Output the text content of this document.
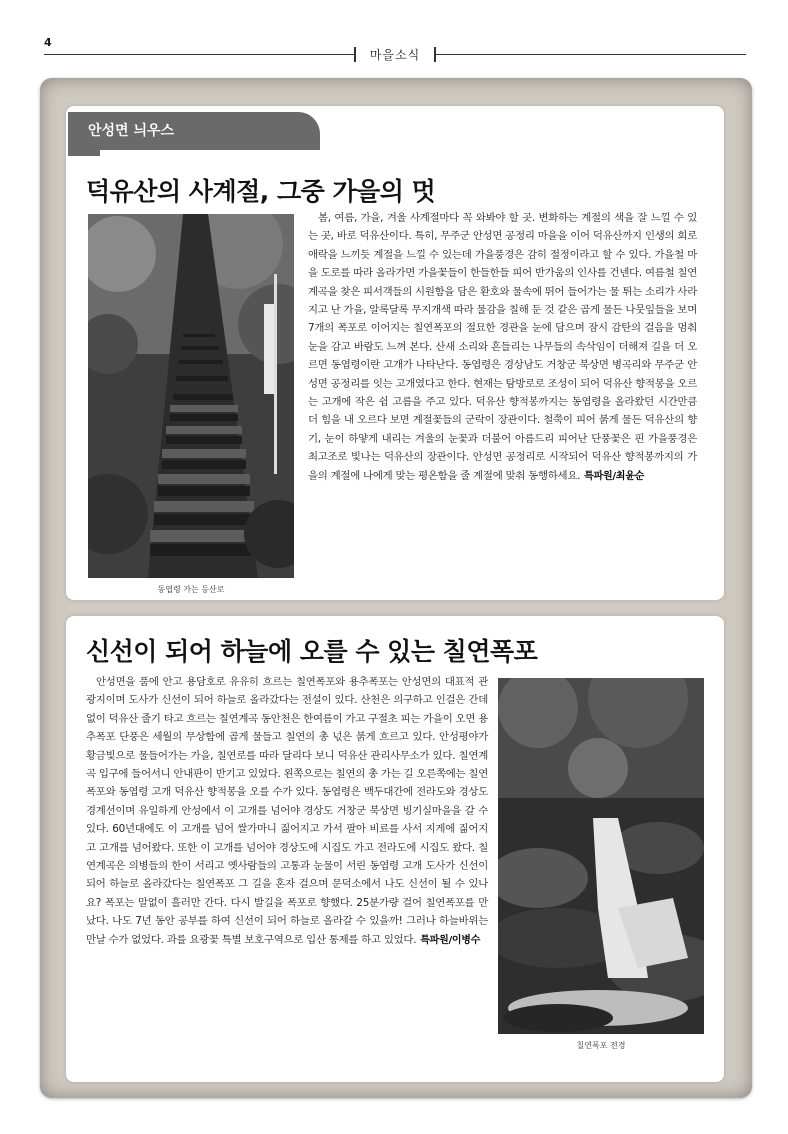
4
마을소식
안성면 늬우스
덕유산의 사계절, 그중 가을의 멋
동엽령 가는 등산로
봄, 여름, 가을, 겨울 사계절마다 꼭 와봐야 할 곳. 변화하는 계절의 색을 잘 느낄 수 있는 곳, 바로 덕유산이다. 특히, 무주군 안성면 공정리 마을을 이어 덕유산까지 인생의 희로애락을 느끼듯 계절을 느낄 수 있는데 가을풍경은 감히 절정이라고 할 수 있다. 가을철 마을 도로를 따라 올라가면 가을꽃들이 한들한들 피어 반가움의 인사를 건넨다. 여름철 칠연계곡을 찾은 피서객들의 시원함을 담은 환호와 물속에 뛰어 들어가는 물 튀는 소리가 사라지고 난 가을, 알록달록 무지개색 따라 물감을 칠해 둔 것 같은 곱게 물든 나뭇잎들을 보며 7개의 폭포로 이어지는 칠연폭포의 절묘한 경관을 눈에 담으며 잠시 감탄의 걸음을 멈춰 눈을 감고 바람도 느껴 본다. 산새 소리와 흔들리는 나무들의 속삭임이 더해져 길을 더 오르면 동엽령이란 고개가 나타난다. 동엽령은 경상남도 거창군 북상면 병곡리와 무주군 안성면 공정리를 잇는 고개였다고 한다. 현재는 탐방로로 조성이 되어 덕유산 향적봉을 오르는 고개에 작은 쉼 고름을 주고 있다. 덕유산 향적봉까지는 동엽령을 올라왔던 시간만큼 더 힘을 내 오르다 보면 계절꽃들의 군락이 장관이다. 철쭉이 피어 붉게 물든 덕유산의 향기, 눈이 하얗게 내리는 겨울의 눈꽃과 더불어 아름드리 피어난 단풍꽃은 핀 가을풍경은 최고조로 빛나는 덕유산의 장관이다. 안성면 공정리로 시작되어 덕유산 향적봉까지의 가을의 계절에 나에게 맞는 평온함을 줄 계절에 맞춰 동행하세요. 특파원/최윤순
신선이 되어 하늘에 오를 수 있는 칠연폭포
안성면을 품에 안고 용담호로 유유히 흐르는 칠연폭포와 용추폭포는 안성면의 대표적 관광지이며 도사가 신선이 되어 하늘로 올라갔다는 전설이 있다. 산천은 의구하고 인걸은 간데없이 덕유산 줄기 타고 흐르는 칠연계곡 동안천은 한여름이 가고 구절초 피는 가을이 오면 용추폭포 단풍은 세월의 무상함에 곱게 물들고 칠연의 총 넋은 붉게 흐르고 있다. 안성평야가 황금빛으로 물들어가는 가을, 칠연로를 따라 달리다 보니 덕유산 관리사무소가 있다. 칠연계곡 입구에 들어서니 안내판이 반기고 있었다. 왼쪽으로는 칠연의 총 가는 길 오른쪽에는 칠연폭포와 동엽령 고개 덕유산 향적봉을 오를 수가 있다. 동엽령은 백두대간에 전라도와 경상도 경계선이며 유일하게 안성에서 이 고개를 넘어야 경상도 거창군 북상면 빙기실마을을 갈 수 있다. 60년대에도 이 고개를 넘어 쌀가마니 짊어지고 가서 팔아 비료를 사서 지게에 짊어지고 고개를 넘어왔다. 또한 이 고개를 넘어야 경상도에 시집도 가고 전라도에 시집도 왔다. 칠연계곡은 의병들의 한이 서리고 옛사람들의 고통과 눈물이 서린 동엽령 고개 도사가 신선이 되어 하늘로 올라갔다는 칠연폭포 그 길을 혼자 걸으며 문덕소에서 나도 신선이 될 수 있나요? 폭포는 말없이 흘러만 간다. 다시 발길을 폭포로 향했다. 25분가량 걸어 칠연폭포를 만났다. 나도 7년 동안 공부를 하여 신선이 되어 하늘로 올라갈 수 있을까! 그러나 하늘바위는 만날 수가 없었다. 과를 요광꽃 특별 보호구역으로 입산 통제를 하고 있었다. 특파원/이병수
칠연폭포 전경
